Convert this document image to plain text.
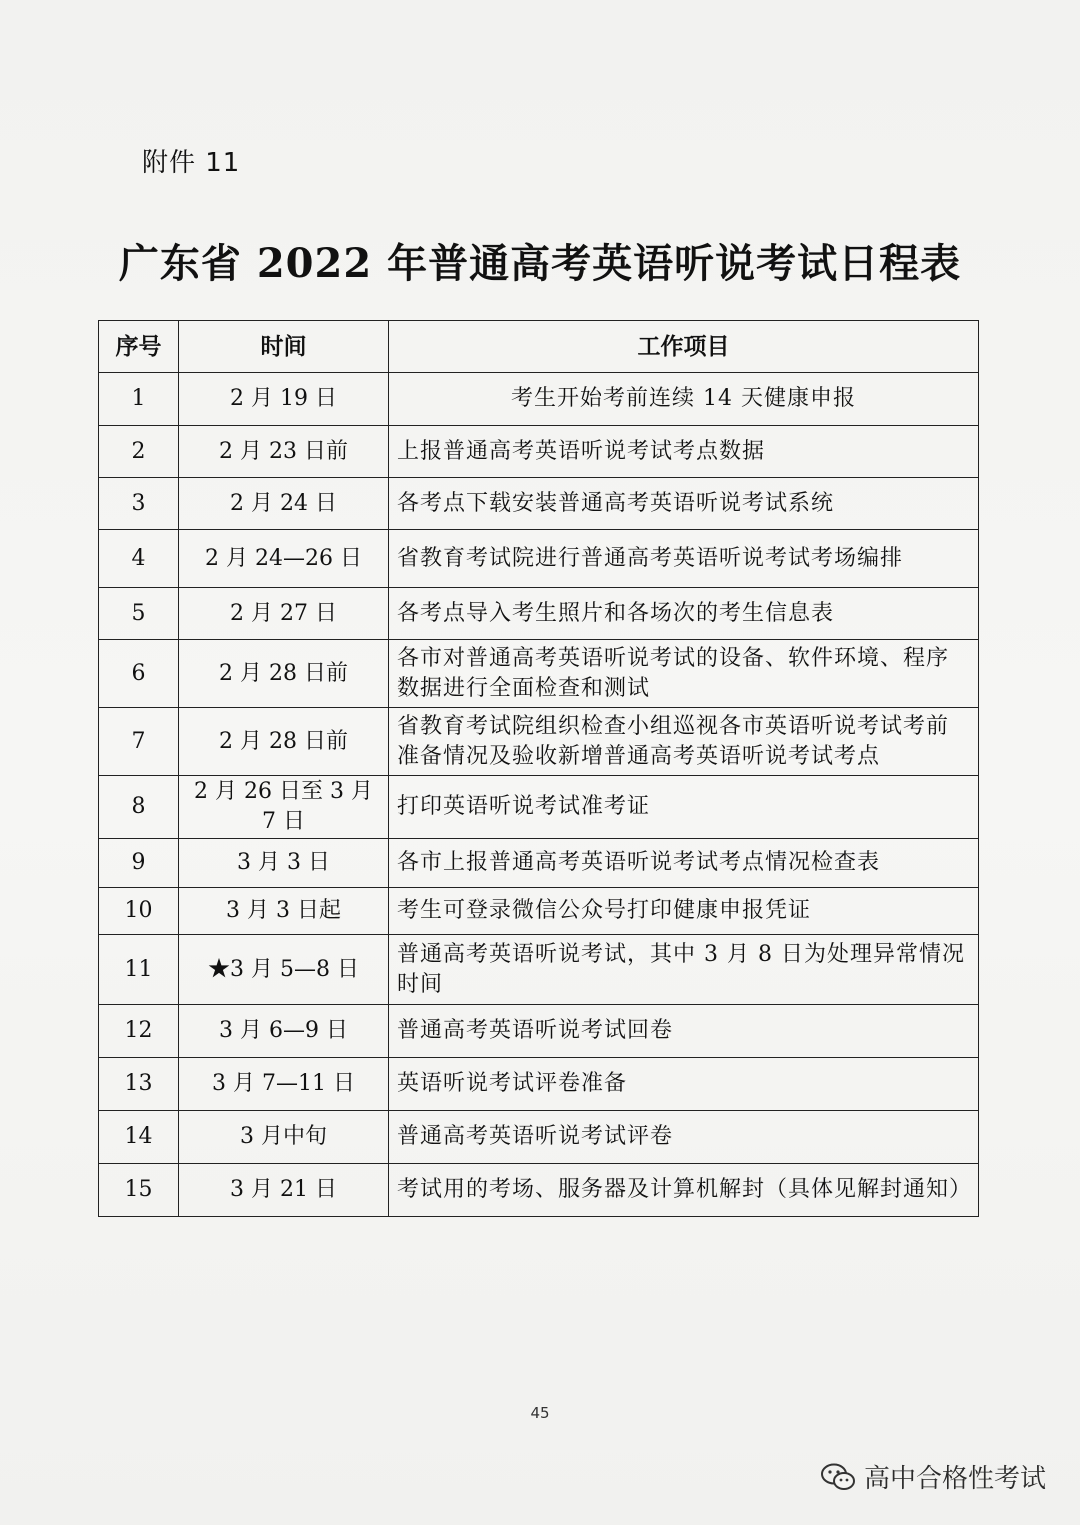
附件 11
广东省 2022 年普通高考英语听说考试日程表
序号	时间	工作项目
1	2 月 19 日	考生开始考前连续 14 天健康申报
2	2 月 23 日前	上报普通高考英语听说考试考点数据
3	2 月 24 日	各考点下载安装普通高考英语听说考试系统
4	2 月 24—26 日	省教育考试院进行普通高考英语听说考试考场编排
5	2 月 27 日	各考点导入考生照片和各场次的考生信息表
6	2 月 28 日前	各市对普通高考英语听说考试的设备、软件环境、程序数据进行全面检查和测试
7	2 月 28 日前	省教育考试院组织检查小组巡视各市英语听说考试考前准备情况及验收新增普通高考英语听说考试考点
8	2 月 26 日至 3 月 7 日	打印英语听说考试准考证
9	3 月 3 日	各市上报普通高考英语听说考试考点情况检查表
10	3 月 3 日起	考生可登录微信公众号打印健康申报凭证
11	★3 月 5—8 日	普通高考英语听说考试，其中 3 月 8 日为处理异常情况时间
12	3 月 6—9 日	普通高考英语听说考试回卷
13	3 月 7—11 日	英语听说考试评卷准备
14	3 月中旬	普通高考英语听说考试评卷
15	3 月 21 日	考试用的考场、服务器及计算机解封（具体见解封通知）
45
高中合格性考试
